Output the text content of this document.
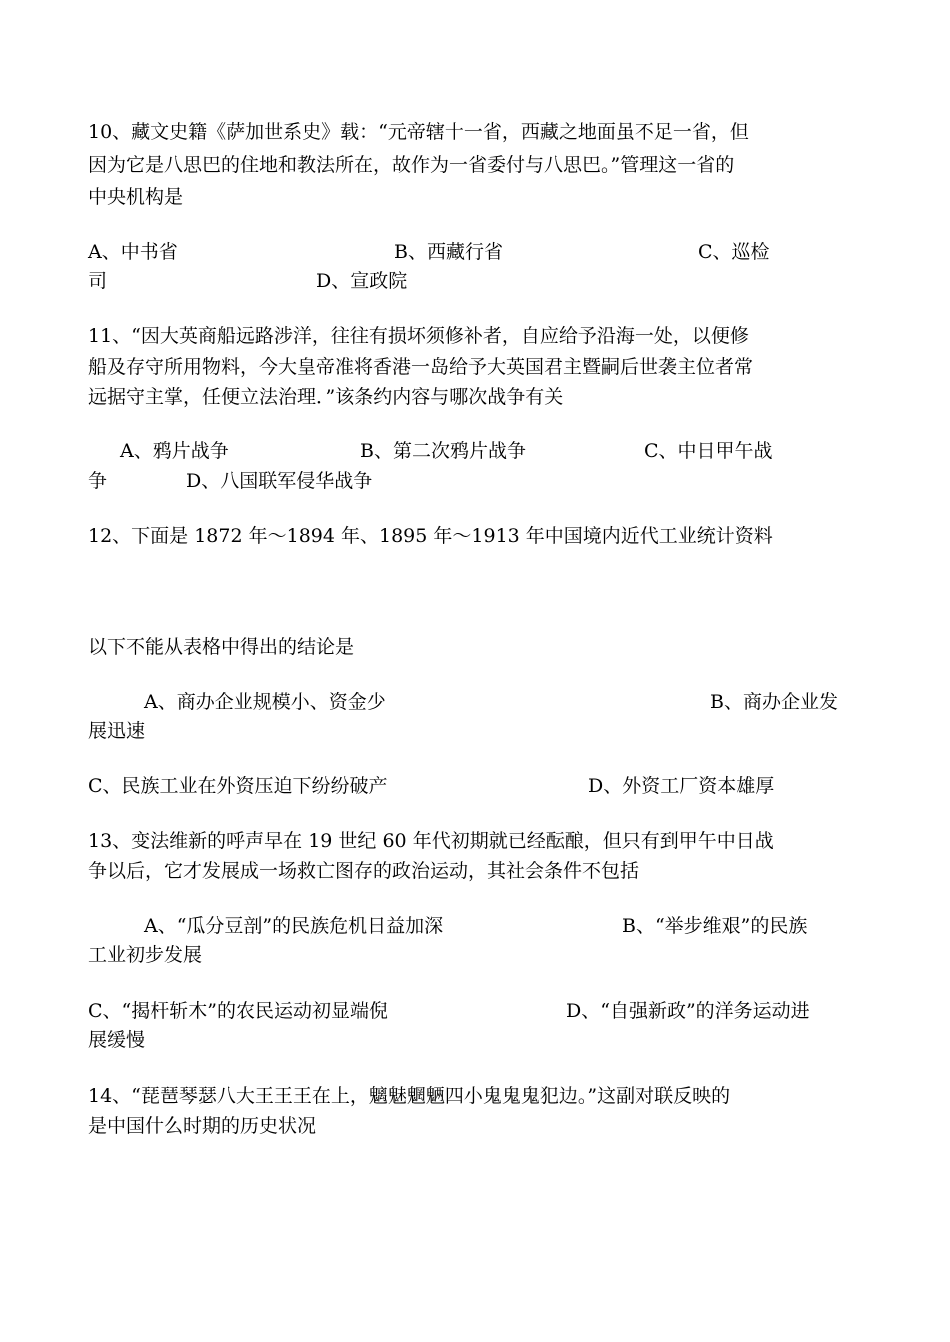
10、藏文史籍《萨加世系史》载：“元帝辖十一省，西藏之地面虽不足一省，但
因为它是八思巴的住地和教法所在，故作为一省委付与八思巴。”管理这一省的
中央机构是
A、中书省	B、西藏行省	C、巡检
司	D、宣政院
11、“因大英商船远路涉洋，往往有损坏须修补者，自应给予沿海一处，以便修
船及存守所用物料，今大皇帝准将香港一岛给予大英国君主暨嗣后世袭主位者常
远据守主掌，任便立法治理．”该条约内容与哪次战争有关
A、鸦片战争	B、第二次鸦片战争	C、中日甲午战
争	D、八国联军侵华战争
12、下面是 1872 年～1894 年、1895 年～1913 年中国境内近代工业统计资料
以下不能从表格中得出的结论是
A、商办企业规模小、资金少	B、商办企业发
展迅速
C、民族工业在外资压迫下纷纷破产	D、外资工厂资本雄厚
13、变法维新的呼声早在 19 世纪 60 年代初期就已经酝酿，但只有到甲午中日战
争以后，它才发展成一场救亡图存的政治运动，其社会条件不包括
A、“瓜分豆剖”的民族危机日益加深	B、“举步维艰”的民族
工业初步发展
C、“揭杆斩木”的农民运动初显端倪	D、“自强新政”的洋务运动进
展缓慢
14、“琵琶琴瑟八大王王王在上，魑魅魍魉四小鬼鬼鬼犯边。”这副对联反映的
是中国什么时期的历史状况
